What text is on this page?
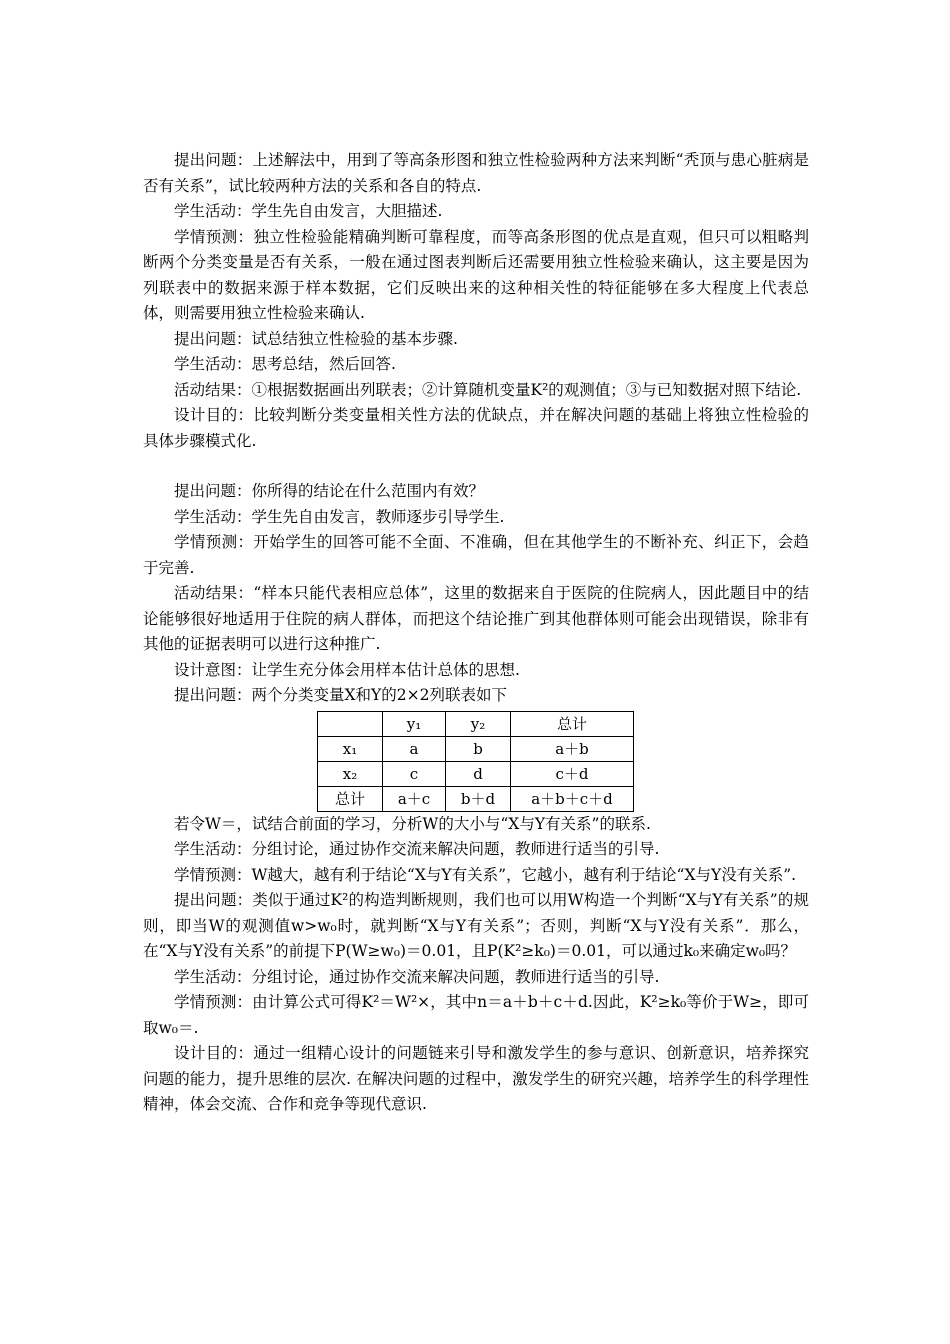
提出问题：上述解法中，用到了等高条形图和独立性检验两种方法来判断“秃顶与患心脏病是否有关系”，试比较两种方法的关系和各自的特点.

学生活动：学生先自由发言，大胆描述.

学情预测：独立性检验能精确判断可靠程度，而等高条形图的优点是直观，但只可以粗略判断两个分类变量是否有关系，一般在通过图表判断后还需要用独立性检验来确认，这主要是因为列联表中的数据来源于样本数据，它们反映出来的这种相关性的特征能够在多大程度上代表总体，则需要用独立性检验来确认.

提出问题：试总结独立性检验的基本步骤.

学生活动：思考总结，然后回答.

活动结果：①根据数据画出列联表；②计算随机变量K²的观测值；③与已知数据对照下结论.

设计目的：比较判断分类变量相关性方法的优缺点，并在解决问题的基础上将独立性检验的具体步骤模式化.

提出问题：你所得的结论在什么范围内有效？

学生活动：学生先自由发言，教师逐步引导学生.

学情预测：开始学生的回答可能不全面、不准确，但在其他学生的不断补充、纠正下，会趋于完善.

活动结果：“样本只能代表相应总体”，这里的数据来自于医院的住院病人，因此题目中的结论能够很好地适用于住院的病人群体，而把这个结论推广到其他群体则可能会出现错误，除非有其他的证据表明可以进行这种推广.

设计意图：让学生充分体会用样本估计总体的思想.

提出问题：两个分类变量X和Y的2×2列联表如下

	y₁	y₂	总计
x₁	a	b	a＋b
x₂	c	d	c＋d
总计	a＋c	b＋d	a＋b＋c＋d

若令W＝，试结合前面的学习，分析W的大小与“X与Y有关系”的联系.

学生活动：分组讨论，通过协作交流来解决问题，教师进行适当的引导.

学情预测：W越大，越有利于结论“X与Y有关系”，它越小，越有利于结论“X与Y没有关系”.

提出问题：类似于通过K²的构造判断规则，我们也可以用W构造一个判断“X与Y有关系”的规则，即当W的观测值w>w₀时，就判断“X与Y有关系”；否则，判断“X与Y没有关系”．那么，在“X与Y没有关系”的前提下P(W≥w₀)＝0.01，且P(K²≥k₀)＝0.01，可以通过k₀来确定w₀吗？

学生活动：分组讨论，通过协作交流来解决问题，教师进行适当的引导.

学情预测：由计算公式可得K²＝W²×，其中n＝a＋b＋c＋d.因此，K²≥k₀等价于W≥，即可取w₀＝.

设计目的：通过一组精心设计的问题链来引导和激发学生的参与意识、创新意识，培养探究问题的能力，提升思维的层次. 在解决问题的过程中，激发学生的研究兴趣，培养学生的科学理性精神，体会交流、合作和竞争等现代意识.
